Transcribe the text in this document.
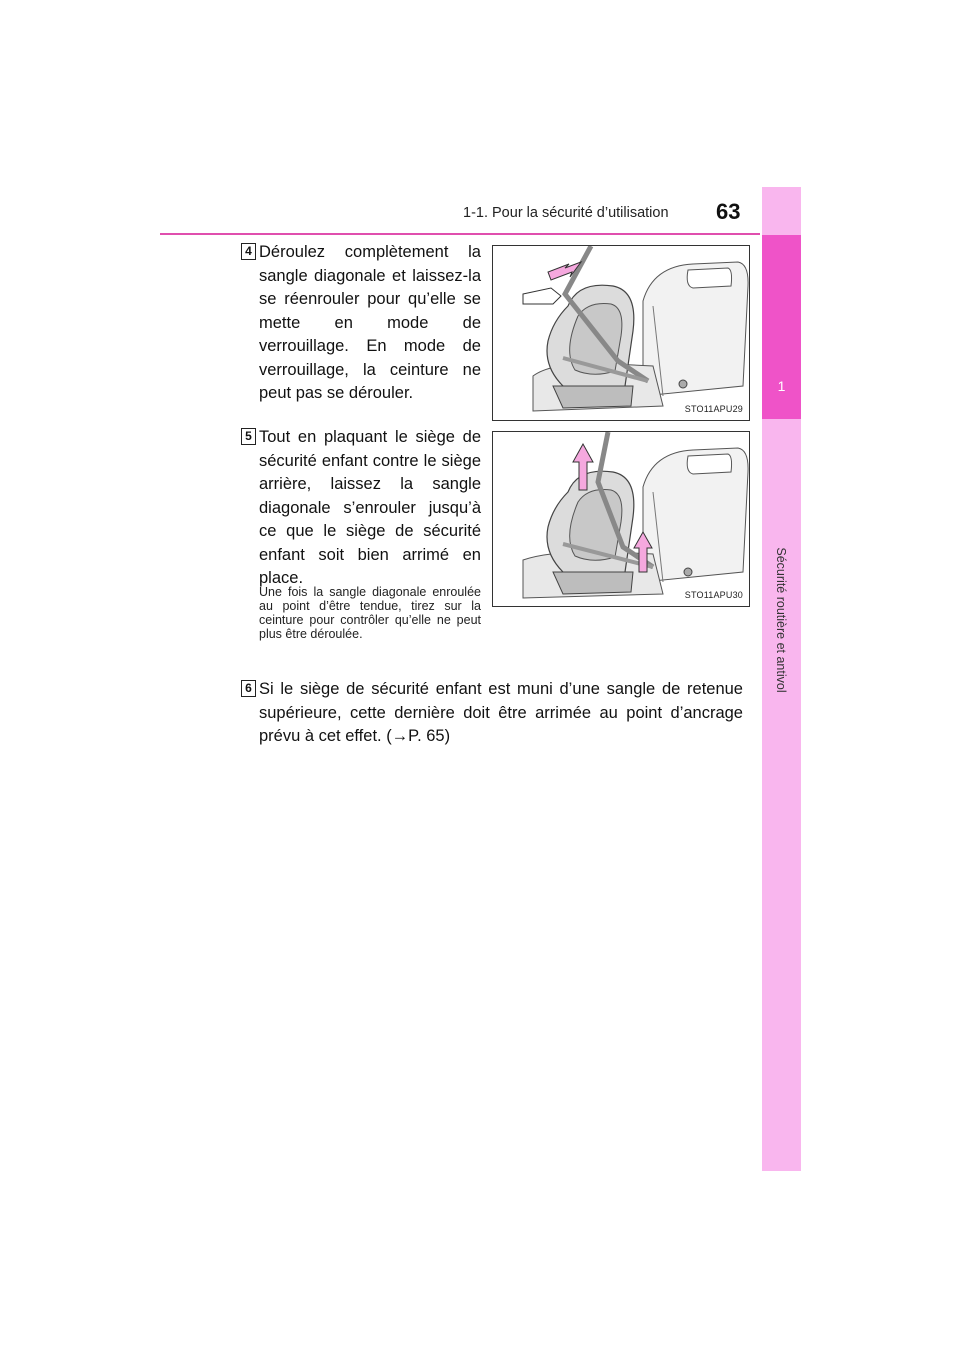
1-1. Pour la sécurité d’utilisation 63
1
Sécurité routière et antivol
4 Déroulez complètement la sangle diagonale et laissez-la se réenrouler pour qu’elle se mette en mode de verrouillage. En mode de verrouillage, la ceinture ne peut pas se dérouler.
STO11APU29
5 Tout en plaquant le siège de sécurité enfant contre le siège arrière, laissez la sangle diagonale s’enrouler jusqu’à ce que le siège de sécurité enfant soit bien arrimé en place.
Une fois la sangle diagonale enroulée au point d’être tendue, tirez sur la ceinture pour contrôler qu’elle ne peut plus être déroulée.
STO11APU30
6 Si le siège de sécurité enfant est muni d’une sangle de retenue supérieure, cette dernière doit être arrimée au point d’ancrage prévu à cet effet. (→P. 65)
